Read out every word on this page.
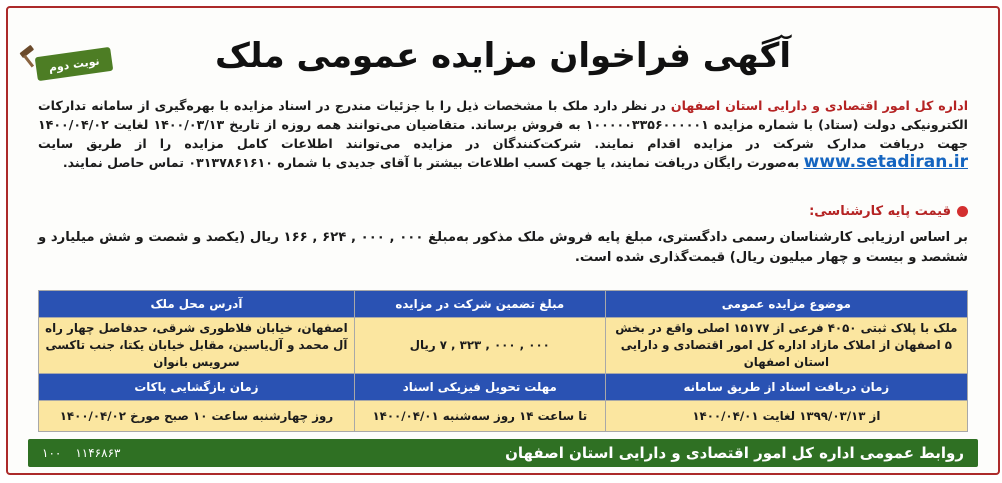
نوبت دوم	آگهی فراخوان مزایده عمومی ملک
اداره کل امور اقتصادی و دارایی استان اصفهان در نظر دارد ملک با مشخصات ذیل را با جزئیات مندرج در اسناد مزایده با بهره‌گیری از سامانه تدارکات الکترونیکی دولت (ستاد) با شماره مزایده ۱۰۰۰۰۰۳۳۵۶۰۰۰۰۰۱ به فروش برساند. متقاضیان می‌توانند همه روزه از تاریخ ۱۴۰۰/۰۳/۱۳ لغایت ۱۴۰۰/۰۴/۰۲ جهت دریافت مدارک شرکت در مزایده اقدام نمایند. شرکت‌کنندگان در مزایده می‌توانند اطلاعات کامل مزایده را از طریق سایت www.setadiran.ir به‌صورت رایگان دریافت نمایند، یا جهت کسب اطلاعات بیشتر با آقای جدیدی با شماره ۰۳۱۳۷۸۶۱۶۱۰ تماس حاصل نمایند.
قیمت پایه کارشناسی:
بر اساس ارزیابی کارشناسان رسمی دادگستری، مبلغ پایه فروش ملک مذکور به‌مبلغ ۰۰۰ , ۰۰۰ , ۶۲۴ , ۱۶۶ ریال (یکصد و شصت و شش میلیارد و ششصد و بیست و چهار میلیون ریال) قیمت‌گذاری شده است.
موضوع مزایده عمومی	مبلغ تضمین شرکت در مزایده	آدرس محل ملک
ملک با پلاک ثبتی ۴۰۵۰ فرعی از ۱۵۱۷۷ اصلی واقع در بخش ۵ اصفهان از املاک مازاد اداره کل امور اقتصادی و دارایی استان اصفهان	۰۰۰ , ۰۰۰ , ۳۲۳ , ۷ ریال	اصفهان، خیابان فلاطوری شرقی، حدفاصل چهار راه آل محمد و آل‌یاسین، مقابل خیابان یکتا، جنب تاکسی سرویس بانوان
زمان دریافت اسناد از طریق سامانه	مهلت تحویل فیزیکی اسناد	زمان بازگشایی پاکات
از ۱۳۹۹/۰۳/۱۳ لغایت ۱۴۰۰/۰۴/۰۱	تا ساعت ۱۴ روز سه‌شنبه ۱۴۰۰/۰۴/۰۱	روز چهارشنبه ساعت ۱۰ صبح مورخ ۱۴۰۰/۰۴/۰۲
روابط عمومی اداره کل امور اقتصادی و دارایی استان اصفهان
۱۰۰ ۱۱۴۶۸۶۳
